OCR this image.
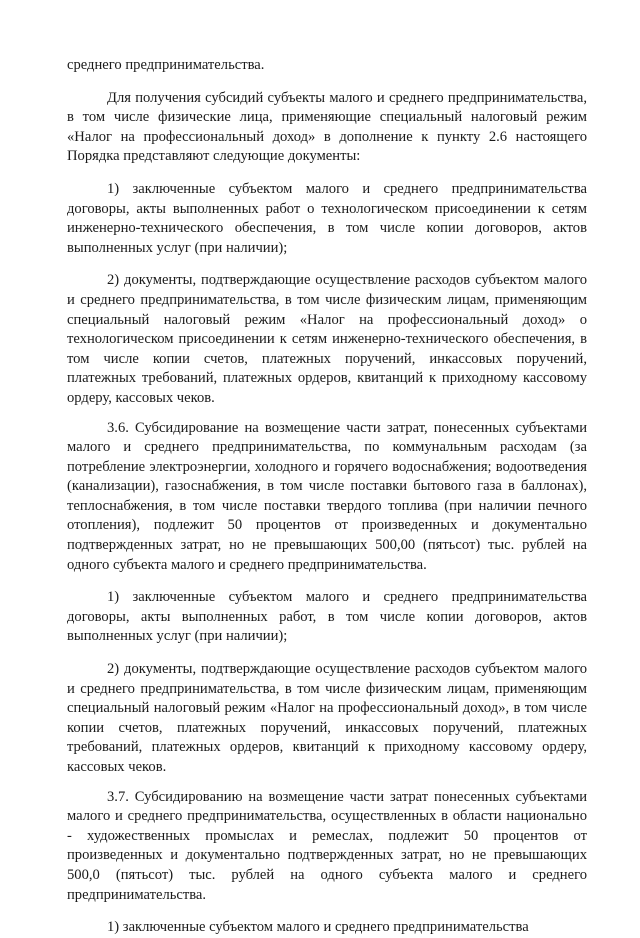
среднего предпринимательства.

Для получения субсидий субъекты малого и среднего предпринимательства, в том числе физические лица, применяющие специальный налоговый режим «Налог на профессиональный доход» в дополнение к пункту 2.6 настоящего Порядка представляют следующие документы:

1) заключенные субъектом малого и среднего предпринимательства договоры, акты выполненных работ о технологическом присоединении к сетям инженерно-технического обеспечения, в том числе копии договоров, актов выполненных услуг (при наличии);

2) документы, подтверждающие осуществление расходов субъектом малого и среднего предпринимательства, в том числе физическим лицам, применяющим специальный налоговый режим «Налог на профессиональный доход» о технологическом присоединении к сетям инженерно-технического обеспечения, в том числе копии счетов, платежных поручений, инкассовых поручений, платежных требований, платежных ордеров, квитанций к приходному кассовому ордеру, кассовых чеков.

3.6. Субсидирование на возмещение части затрат, понесенных субъектами малого и среднего предпринимательства, по коммунальным расходам (за потребление электроэнергии, холодного и горячего водоснабжения; водоотведения (канализации), газоснабжения, в том числе поставки бытового газа в баллонах), теплоснабжения, в том числе поставки твердого топлива (при наличии печного отопления), подлежит 50 процентов от произведенных и документально подтвержденных затрат, но не превышающих 500,00 (пятьсот) тыс. рублей на одного субъекта малого и среднего предпринимательства.

1) заключенные субъектом малого и среднего предпринимательства договоры, акты выполненных работ, в том числе копии договоров, актов выполненных услуг (при наличии);

2) документы, подтверждающие осуществление расходов субъектом малого и среднего предпринимательства, в том числе физическим лицам, применяющим специальный налоговый режим «Налог на профессиональный доход», в том числе копии счетов, платежных поручений, инкассовых поручений, платежных требований, платежных ордеров, квитанций к приходному кассовому ордеру, кассовых чеков.

3.7. Субсидированию на возмещение части затрат понесенных субъектами малого и среднего предпринимательства, осуществленных в области национально - художественных промыслах и ремеслах, подлежит 50 процентов от произведенных и документально подтвержденных затрат, но не превышающих 500,0 (пятьсот) тыс. рублей на одного субъекта малого и среднего предпринимательства.

1) заключенные субъектом малого и среднего предпринимательства
